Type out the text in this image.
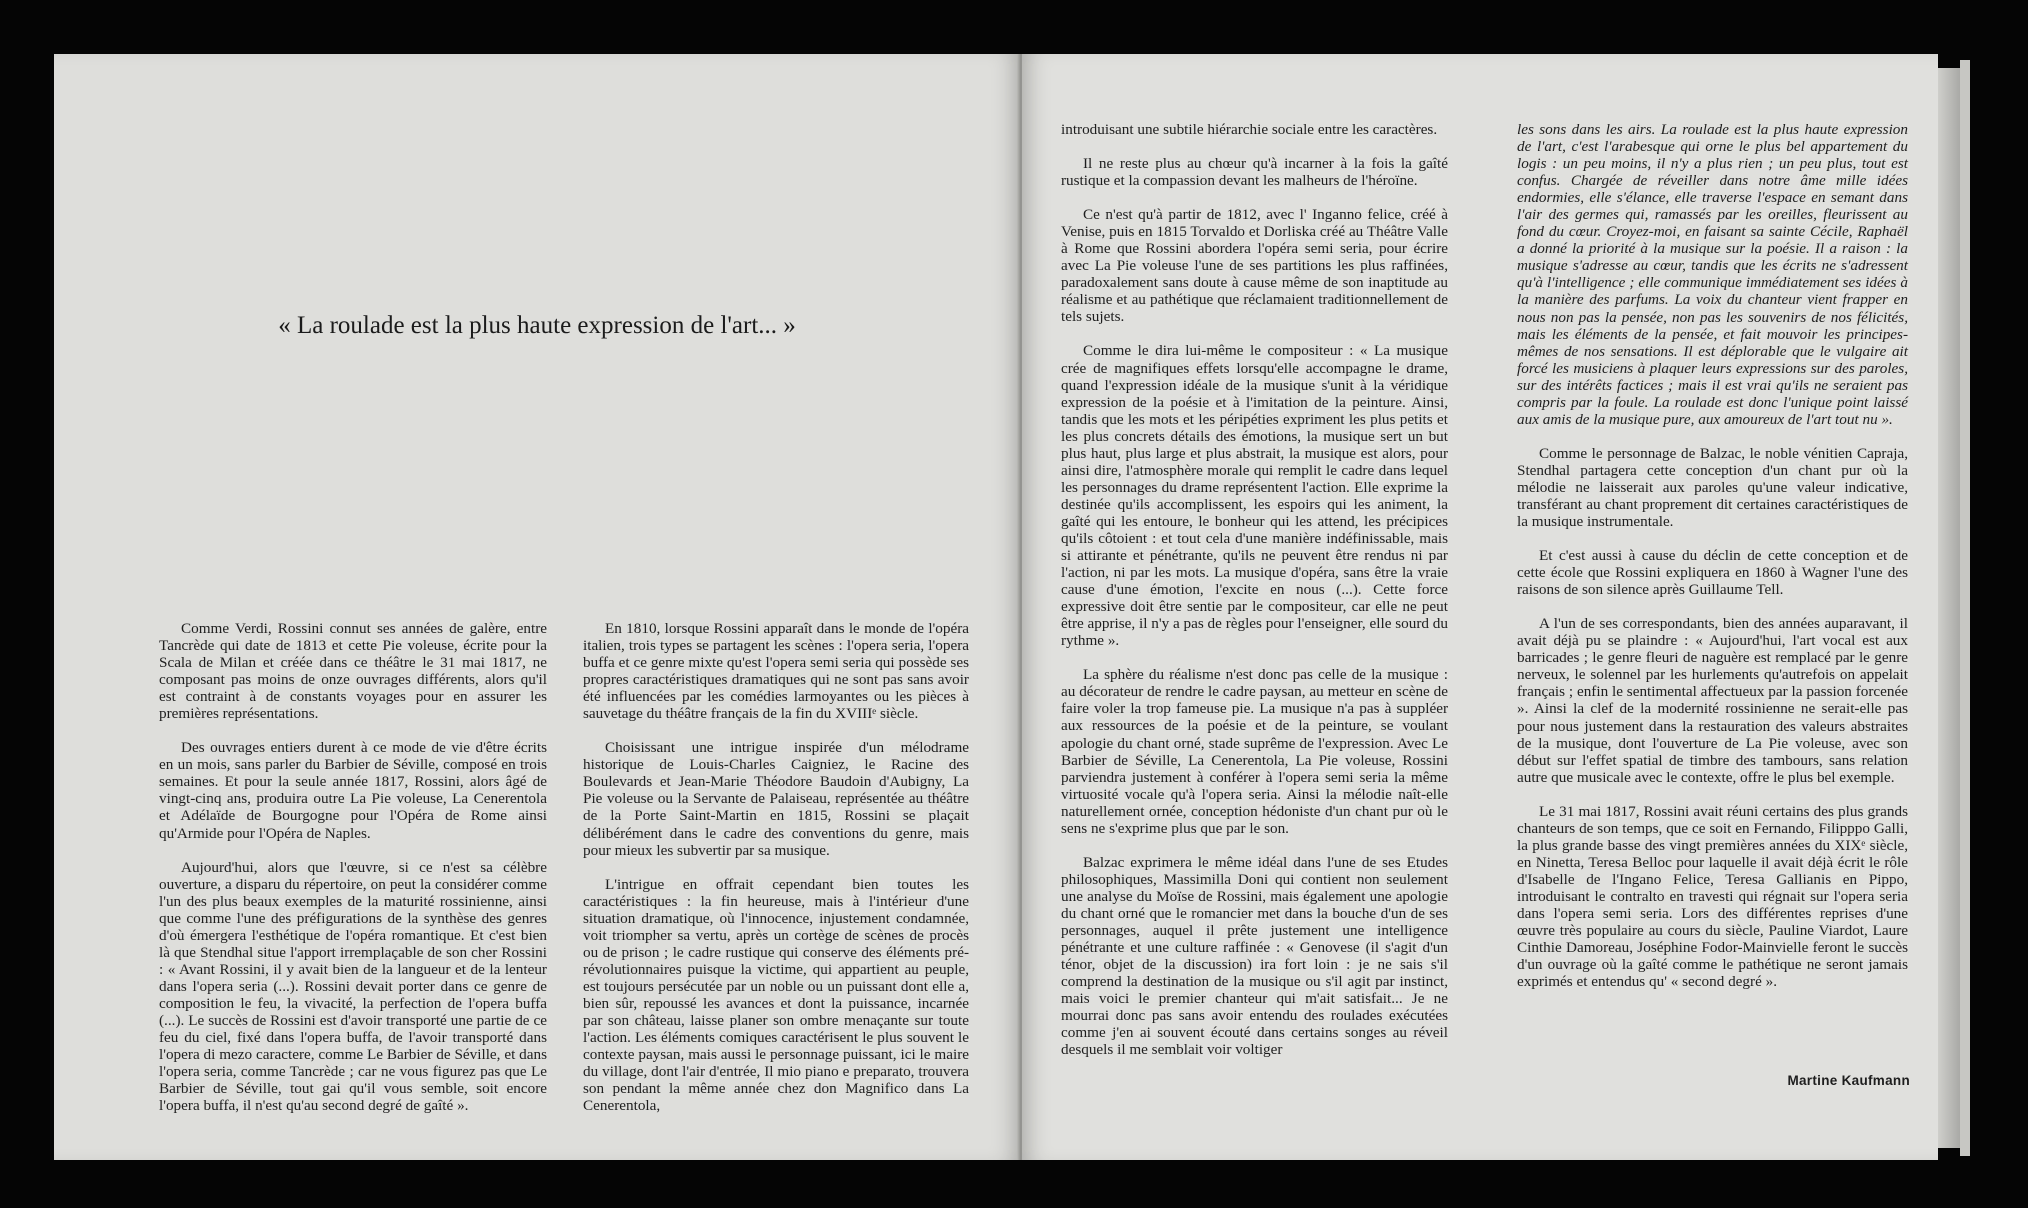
« La roulade est la plus haute expression de l'art... »

Comme Verdi, Rossini connut ses années de galère, entre Tancrède qui date de 1813 et cette Pie voleuse, écrite pour la Scala de Milan et créée dans ce théâtre le 31 mai 1817, ne composant pas moins de onze ouvrages différents, alors qu'il est contraint à de constants voyages pour en assurer les premières représentations.

Des ouvrages entiers durent à ce mode de vie d'être écrits en un mois, sans parler du Barbier de Séville, composé en trois semaines. Et pour la seule année 1817, Rossini, alors âgé de vingt-cinq ans, produira outre La Pie voleuse, La Cenerentola et Adélaïde de Bourgogne pour l'Opéra de Rome ainsi qu'Armide pour l'Opéra de Naples.

Aujourd'hui, alors que l'œuvre, si ce n'est sa célèbre ouverture, a disparu du répertoire, on peut la considérer comme l'un des plus beaux exemples de la maturité rossinienne, ainsi que comme l'une des préfigurations de la synthèse des genres d'où émergera l'esthétique de l'opéra romantique. Et c'est bien là que Stendhal situe l'apport irremplaçable de son cher Rossini : « Avant Rossini, il y avait bien de la langueur et de la lenteur dans l'opera seria (...). Rossini devait porter dans ce genre de composition le feu, la vivacité, la perfection de l'opera buffa (...). Le succès de Rossini est d'avoir transporté une partie de ce feu du ciel, fixé dans l'opera buffa, de l'avoir transporté dans l'opera di mezo caractere, comme Le Barbier de Séville, et dans l'opera seria, comme Tancrède ; car ne vous figurez pas que Le Barbier de Séville, tout gai qu'il vous semble, soit encore l'opera buffa, il n'est qu'au second degré de gaîté ».

En 1810, lorsque Rossini apparaît dans le monde de l'opéra italien, trois types se partagent les scènes : l'opera seria, l'opera buffa et ce genre mixte qu'est l'opera semi seria qui possède ses propres caractéristiques dramatiques qui ne sont pas sans avoir été influencées par les comédies larmoyantes ou les pièces à sauvetage du théâtre français de la fin du XVIIIᵉ siècle.

Choisissant une intrigue inspirée d'un mélodrame historique de Louis-Charles Caigniez, le Racine des Boulevards et Jean-Marie Théodore Baudoin d'Aubigny, La Pie voleuse ou la Servante de Palaiseau, représentée au théâtre de la Porte Saint-Martin en 1815, Rossini se plaçait délibérément dans le cadre des conventions du genre, mais pour mieux les subvertir par sa musique.

L'intrigue en offrait cependant bien toutes les caractéristiques : la fin heureuse, mais à l'intérieur d'une situation dramatique, où l'innocence, injustement condamnée, voit triompher sa vertu, après un cortège de scènes de procès ou de prison ; le cadre rustique qui conserve des éléments pré-révolutionnaires puisque la victime, qui appartient au peuple, est toujours persécutée par un noble ou un puissant dont elle a, bien sûr, repoussé les avances et dont la puissance, incarnée par son château, laisse planer son ombre menaçante sur toute l'action. Les éléments comiques caractérisent le plus souvent le contexte paysan, mais aussi le personnage puissant, ici le maire du village, dont l'air d'entrée, Il mio piano e preparato, trouvera son pendant la même année chez don Magnifico dans La Cenerentola,

introduisant une subtile hiérarchie sociale entre les caractères.

Il ne reste plus au chœur qu'à incarner à la fois la gaîté rustique et la compassion devant les malheurs de l'héroïne.

Ce n'est qu'à partir de 1812, avec l' Inganno felice, créé à Venise, puis en 1815 Torvaldo et Dorliska créé au Théâtre Valle à Rome que Rossini abordera l'opéra semi seria, pour écrire avec La Pie voleuse l'une de ses partitions les plus raffinées, paradoxalement sans doute à cause même de son inaptitude au réalisme et au pathétique que réclamaient traditionnellement de tels sujets.

Comme le dira lui-même le compositeur : « La musique crée de magnifiques effets lorsqu'elle accompagne le drame, quand l'expression idéale de la musique s'unit à la véridique expression de la poésie et à l'imitation de la peinture. Ainsi, tandis que les mots et les péripéties expriment les plus petits et les plus concrets détails des émotions, la musique sert un but plus haut, plus large et plus abstrait, la musique est alors, pour ainsi dire, l'atmosphère morale qui remplit le cadre dans lequel les personnages du drame représentent l'action. Elle exprime la destinée qu'ils accomplissent, les espoirs qui les animent, la gaîté qui les entoure, le bonheur qui les attend, les précipices qu'ils côtoient : et tout cela d'une manière indéfinissable, mais si attirante et pénétrante, qu'ils ne peuvent être rendus ni par l'action, ni par les mots. La musique d'opéra, sans être la vraie cause d'une émotion, l'excite en nous (...). Cette force expressive doit être sentie par le compositeur, car elle ne peut être apprise, il n'y a pas de règles pour l'enseigner, elle sourd du rythme ».

La sphère du réalisme n'est donc pas celle de la musique : au décorateur de rendre le cadre paysan, au metteur en scène de faire voler la trop fameuse pie. La musique n'a pas à suppléer aux ressources de la poésie et de la peinture, se voulant apologie du chant orné, stade suprême de l'expression. Avec Le Barbier de Séville, La Cenerentola, La Pie voleuse, Rossini parviendra justement à conférer à l'opera semi seria la même virtuosité vocale qu'à l'opera seria. Ainsi la mélodie naît-elle naturellement ornée, conception hédoniste d'un chant pur où le sens ne s'exprime plus que par le son.

Balzac exprimera le même idéal dans l'une de ses Etudes philosophiques, Massimilla Doni qui contient non seulement une analyse du Moïse de Rossini, mais également une apologie du chant orné que le romancier met dans la bouche d'un de ses personnages, auquel il prête justement une intelligence pénétrante et une culture raffinée : « Genovese (il s'agit d'un ténor, objet de la discussion) ira fort loin : je ne sais s'il comprend la destination de la musique ou s'il agit par instinct, mais voici le premier chanteur qui m'ait satisfait... Je ne mourrai donc pas sans avoir entendu des roulades exécutées comme j'en ai souvent écouté dans certains songes au réveil desquels il me semblait voir voltiger

les sons dans les airs. La roulade est la plus haute expression de l'art, c'est l'arabesque qui orne le plus bel appartement du logis : un peu moins, il n'y a plus rien ; un peu plus, tout est confus. Chargée de réveiller dans notre âme mille idées endormies, elle s'élance, elle traverse l'espace en semant dans l'air des germes qui, ramassés par les oreilles, fleurissent au fond du cœur. Croyez-moi, en faisant sa sainte Cécile, Raphaël a donné la priorité à la musique sur la poésie. Il a raison : la musique s'adresse au cœur, tandis que les écrits ne s'adressent qu'à l'intelligence ; elle communique immédiatement ses idées à la manière des parfums. La voix du chanteur vient frapper en nous non pas la pensée, non pas les souvenirs de nos félicités, mais les éléments de la pensée, et fait mouvoir les principes-mêmes de nos sensations. Il est déplorable que le vulgaire ait forcé les musiciens à plaquer leurs expressions sur des paroles, sur des intérêts factices ; mais il est vrai qu'ils ne seraient pas compris par la foule. La roulade est donc l'unique point laissé aux amis de la musique pure, aux amoureux de l'art tout nu ».

Comme le personnage de Balzac, le noble vénitien Capraja, Stendhal partagera cette conception d'un chant pur où la mélodie ne laisserait aux paroles qu'une valeur indicative, transférant au chant proprement dit certaines caractéristiques de la musique instrumentale.

Et c'est aussi à cause du déclin de cette conception et de cette école que Rossini expliquera en 1860 à Wagner l'une des raisons de son silence après Guillaume Tell.

A l'un de ses correspondants, bien des années auparavant, il avait déjà pu se plaindre : « Aujourd'hui, l'art vocal est aux barricades ; le genre fleuri de naguère est remplacé par le genre nerveux, le solennel par les hurlements qu'autrefois on appelait français ; enfin le sentimental affectueux par la passion forcenée ». Ainsi la clef de la modernité rossinienne ne serait-elle pas pour nous justement dans la restauration des valeurs abstraites de la musique, dont l'ouverture de La Pie voleuse, avec son début sur l'effet spatial de timbre des tambours, sans relation autre que musicale avec le contexte, offre le plus bel exemple.

Le 31 mai 1817, Rossini avait réuni certains des plus grands chanteurs de son temps, que ce soit en Fernando, Filipppo Galli, la plus grande basse des vingt premières années du XIXᵉ siècle, en Ninetta, Teresa Belloc pour laquelle il avait déjà écrit le rôle d'Isabelle de l'Ingano Felice, Teresa Gallianis en Pippo, introduisant le contralto en travesti qui régnait sur l'opera seria dans l'opera semi seria. Lors des différentes reprises d'une œuvre très populaire au cours du siècle, Pauline Viardot, Laure Cinthie Damoreau, Joséphine Fodor-Mainvielle feront le succès d'un ouvrage où la gaîté comme le pathétique ne seront jamais exprimés et entendus qu' « second degré ».

Martine Kaufmann
